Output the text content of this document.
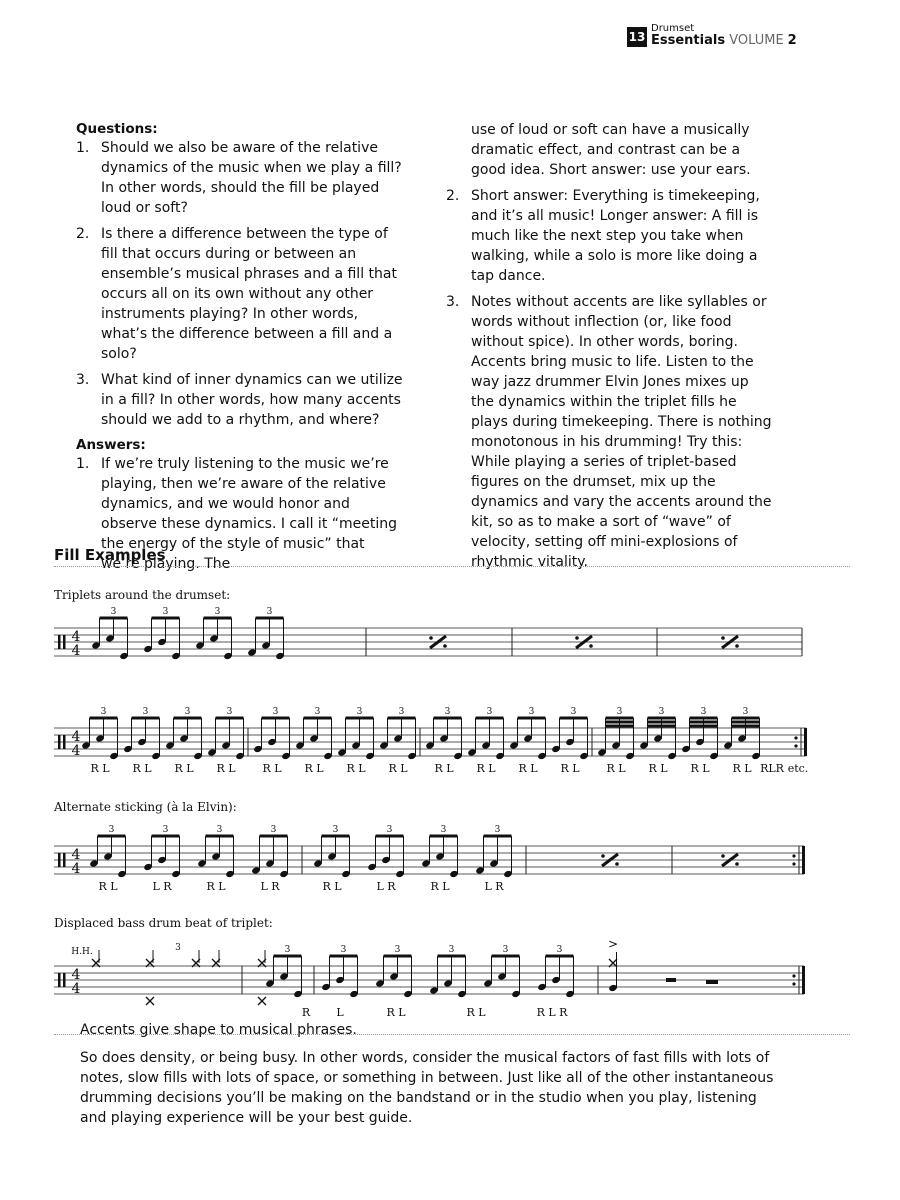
13
Drumset
Essentials VOLUME 2
Questions:
1. Should we also be aware of the relative dynamics of the music when we play a fill? In other words, should the fill be played loud or soft?
2. Is there a difference between the type of fill that occurs during or between an ensemble’s musical phrases and a fill that occurs all on its own without any other instruments playing? In other words, what’s the difference between a fill and a solo?
3. What kind of inner dynamics can we utilize in a fill? In other words, how many accents should we add to a rhythm, and where?
Answers:
1. If we’re truly listening to the music we’re playing, then we’re aware of the relative dynamics, and we would honor and observe these dynamics. I call it “meeting the energy of the style of music” that we’re playing. The
use of loud or soft can have a musically dramatic effect, and contrast can be a good idea. Short answer: use your ears.
2. Short answer: Everything is timekeeping, and it’s all music! Longer answer: A fill is much like the next step you take when walking, while a solo is more like doing a tap dance.
3. Notes without accents are like syllables or words without inflection (or, like food without spice). In other words, boring. Accents bring music to life. Listen to the way jazz drummer Elvin Jones mixes up the dynamics within the triplet fills he plays during timekeeping. There is nothing monotonous in his drumming! Try this: While playing a series of triplet-based figures on the drumset, mix up the dynamics and vary the accents around the kit, so as to make a sort of “wave” of velocity, setting off mini-explosions of rhythmic vitality.
Fill Examples
Triplets around the drumset:
Alternate sticking (à la Elvin):
Displaced bass drum beat of triplet:
4
4
3	3	3	3
4
4
3	3	3	3	3	3	3	3	3	3	3	3	3	3	3	3
R L R L R L R L R L R L R L R L R L R L R L R L R L R L R L R L RLR etc.
4
4
3	3	3	3	3	3	3	3
R L	L R	R L	L R	R L	L R	R L	L R
4
4
H.H.	3	3	3	3	3	3	3	>
R L	R L	R L	R L R
Accents give shape to musical phrases.
So does density, or being busy. In other words, consider the musical factors of fast fills with lots of notes, slow fills with lots of space, or something in between. Just like all of the other instantaneous drumming decisions you’ll be making on the bandstand or in the studio when you play, listening and playing experience will be your best guide.
